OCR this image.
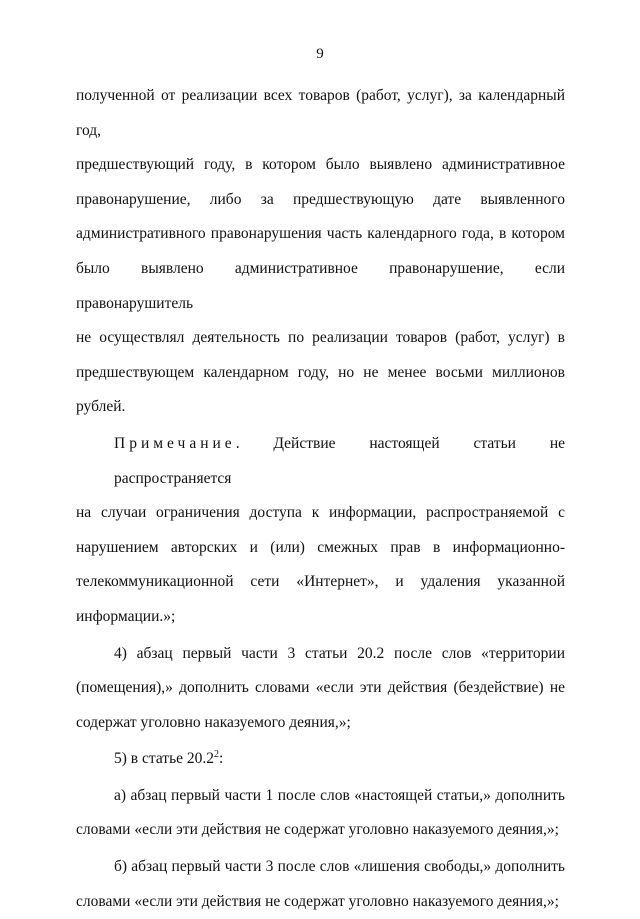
9
полученной от реализации всех товаров (работ, услуг), за календарный год,
предшествующий году, в котором было выявлено административное
правонарушение, либо за предшествующую дате выявленного
административного правонарушения часть календарного года, в котором
было выявлено административное правонарушение, если правонарушитель
не осуществлял деятельность по реализации товаров (работ, услуг) в
предшествующем календарном году, но не менее восьми миллионов
рублей.
Примечание. Действие настоящей статьи не распространяется
на случаи ограничения доступа к информации, распространяемой с
нарушением авторских и (или) смежных прав в информационно-
телекоммуникационной сети «Интернет», и удаления указанной
информации.»;
4) абзац первый части 3 статьи 20.2 после слов «территории
(помещения),» дополнить словами «если эти действия (бездействие) не
содержат уголовно наказуемого деяния,»;
5) в статье 20.2$^2$:
а) абзац первый части 1 после слов «настоящей статьи,» дополнить
словами «если эти действия не содержат уголовно наказуемого деяния,»;
б) абзац первый части 3 после слов «лишения свободы,» дополнить
словами «если эти действия не содержат уголовно наказуемого деяния,»;
